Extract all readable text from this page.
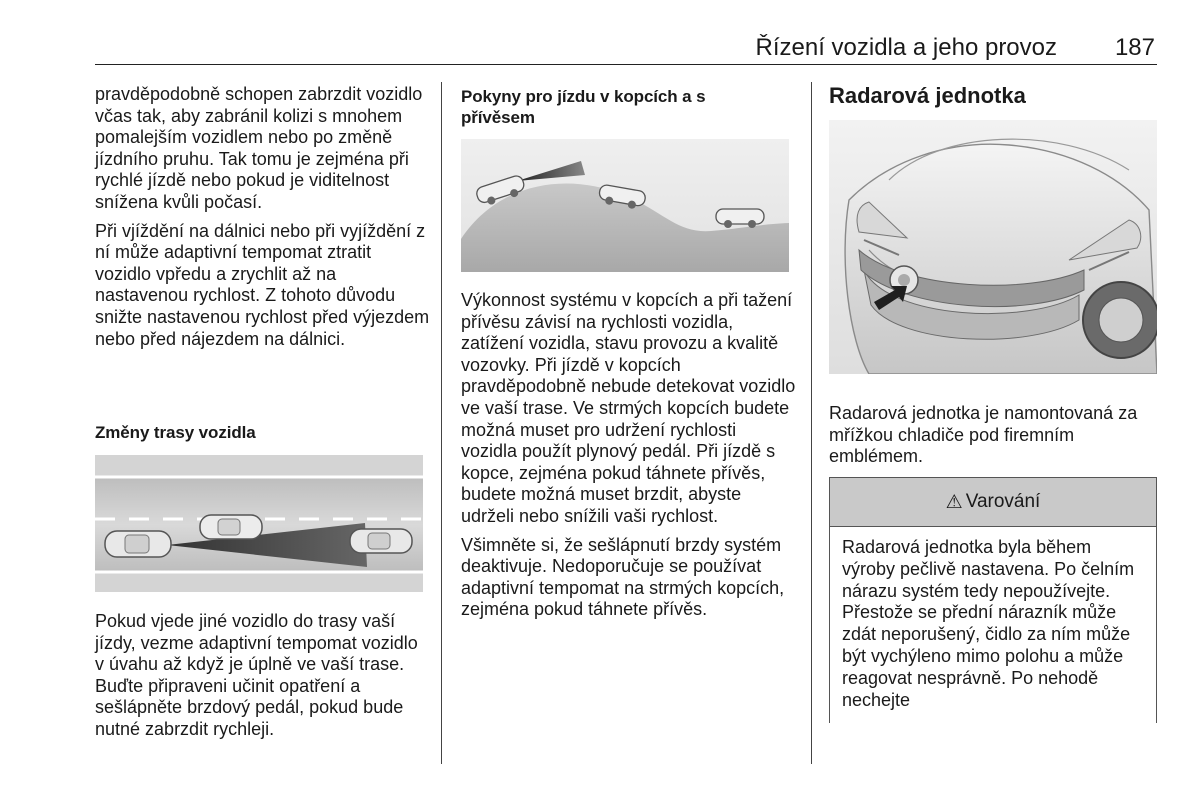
Řízení vozidla a jeho provoz 187

pravděpodobně schopen zabrzdit vozidlo včas tak, aby zabránil kolizi s mnohem pomalejším vozidlem nebo po změně jízdního pruhu. Tak tomu je zejména při rychlé jízdě nebo pokud je viditelnost snížena kvůli počasí.

Při vjíždění na dálnici nebo při vyjíždění z ní může adaptivní tempomat ztratit vozidlo vpředu a zrychlit až na nastavenou rychlost. Z tohoto důvodu snižte nastavenou rychlost před výjezdem nebo před nájezdem na dálnici.

Změny trasy vozidla

Pokud vjede jiné vozidlo do trasy vaší jízdy, vezme adaptivní tempomat vozidlo v úvahu až když je úplně ve vaší trase. Buďte připraveni učinit opatření a sešlápněte brzdový pedál, pokud bude nutné zabrzdit rychleji.

Pokyny pro jízdu v kopcích a s přívěsem

Výkonnost systému v kopcích a při tažení přívěsu závisí na rychlosti vozidla, zatížení vozidla, stavu provozu a kvalitě vozovky. Při jízdě v kopcích pravděpodobně nebude detekovat vozidlo ve vaší trase. Ve strmých kopcích budete možná muset pro udržení rychlosti vozidla použít plynový pedál. Při jízdě s kopce, zejména pokud táhnete přívěs, budete možná muset brzdit, abyste udrželi nebo snížili vaši rychlost.

Všimněte si, že sešlápnutí brzdy systém deaktivuje. Nedoporučuje se používat adaptivní tempomat na strmých kopcích, zejména pokud táhnete přívěs.

Radarová jednotka

Radarová jednotka je namontovaná za mřížkou chladiče pod firemním emblémem.

⚠ Varování
Radarová jednotka byla během výroby pečlivě nastavena. Po čelním nárazu systém tedy nepoužívejte. Přestože se přední nárazník může zdát neporušený, čidlo za ním může být vychýleno mimo polohu a může reagovat nesprávně. Po nehodě nechejte
